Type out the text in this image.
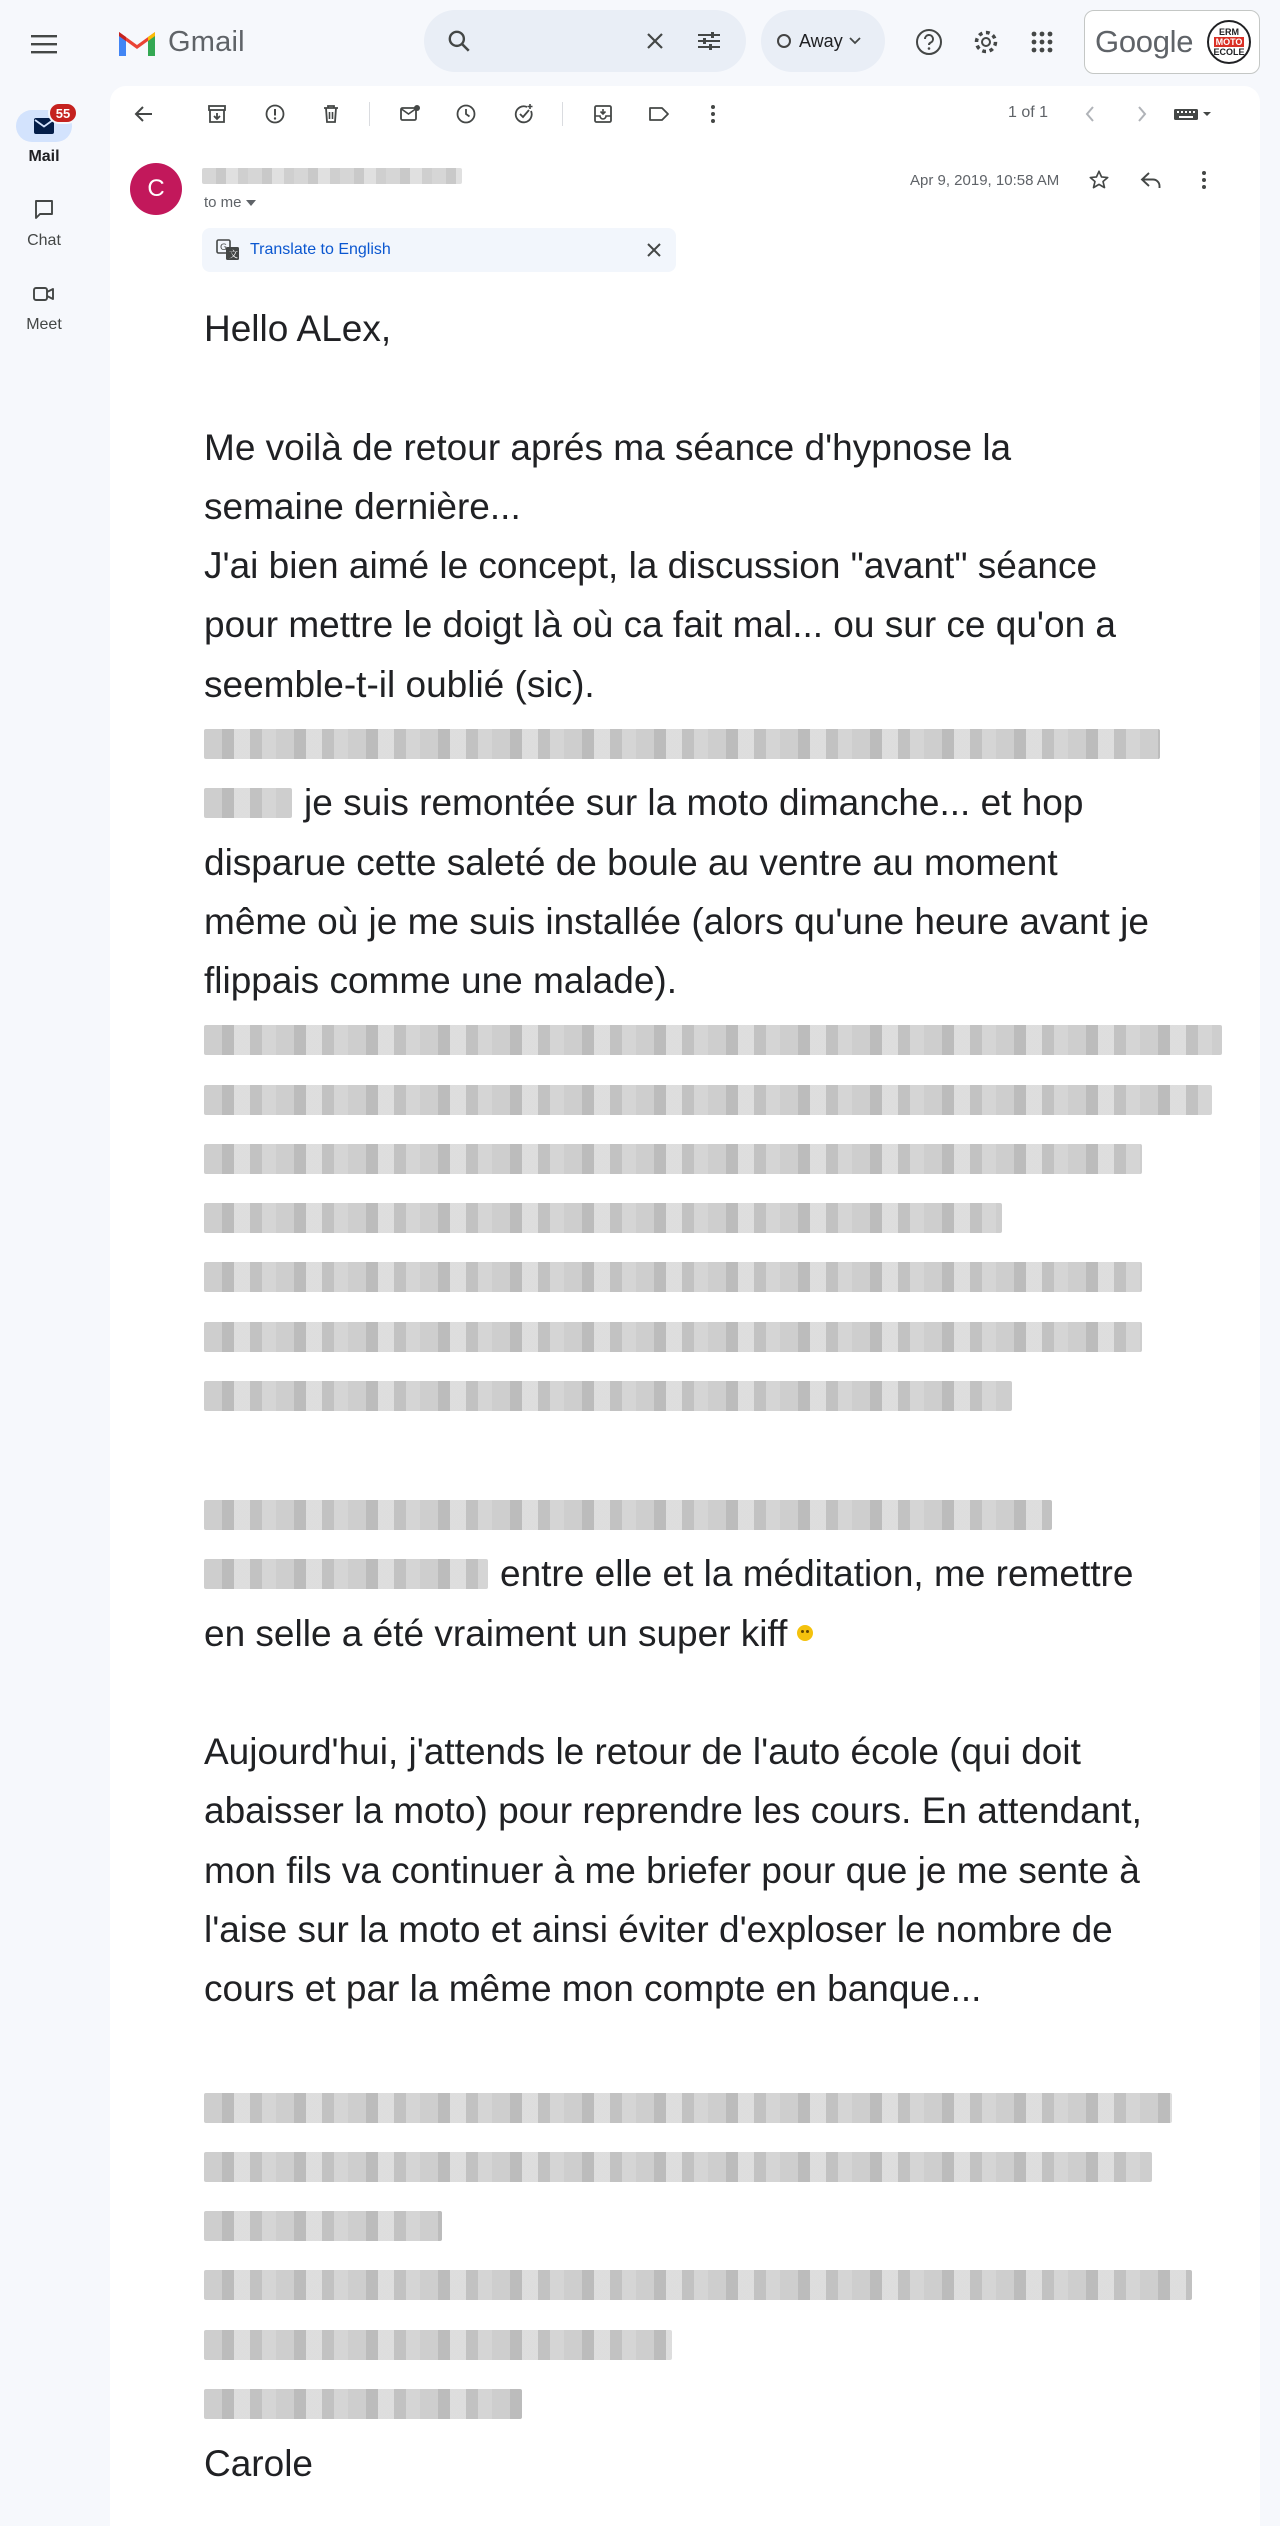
Gmail	Away	Google	ERM
MOTO
ECOLE
55
Mail
Chat
Meet
1 of 1
C
to me
Apr 9, 2019, 10:58 AM
G
文 Translate to English
Hello ALex,
Me voilà de retour aprés ma séance d'hypnose la
semaine dernière...
J'ai bien aimé le concept, la discussion "avant" séance
pour mettre le doigt là où ca fait mal... ou sur ce qu'on a
seemble-t-il oublié (sic).
je suis remontée sur la moto dimanche... et hop
disparue cette saleté de boule au ventre au moment
même où je me suis installée (alors qu'une heure avant je
flippais comme une malade).
entre elle et la méditation, me remettre
en selle a été vraiment un super kiff
Aujourd'hui, j'attends le retour de l'auto école (qui doit
abaisser la moto) pour reprendre les cours. En attendant,
mon fils va continuer à me briefer pour que je me sente à
l'aise sur la moto et ainsi éviter d'exploser le nombre de
cours et par la même mon compte en banque...
Carole
